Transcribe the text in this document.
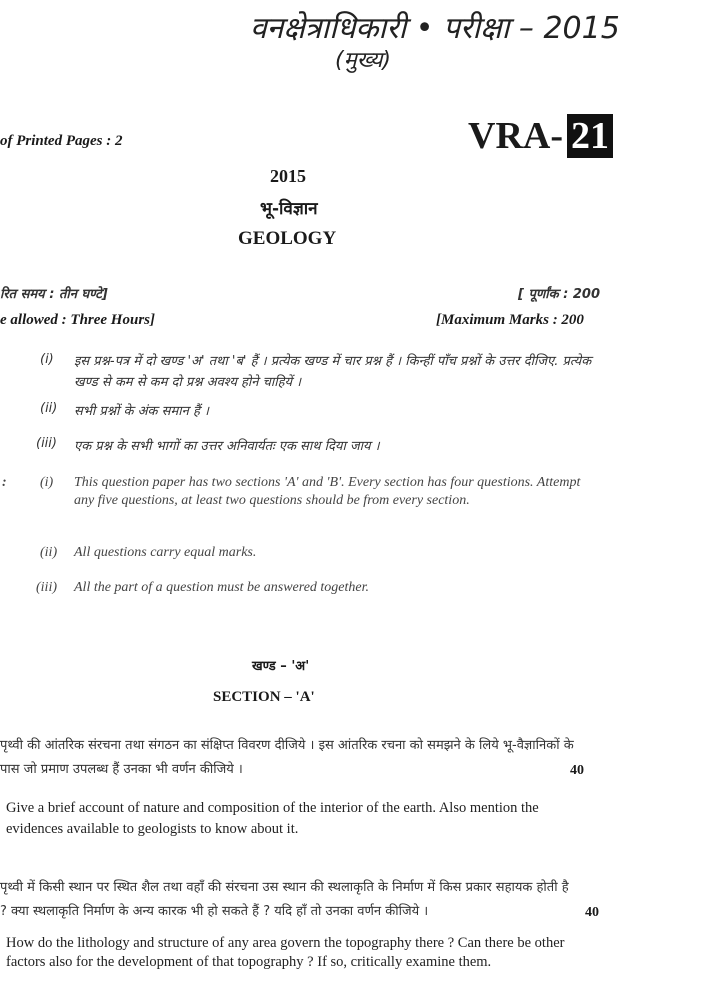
वनक्षेत्राधिकारी • परीक्षा – 2015
(मुख्य)
of Printed Pages : 2	VRA- 21
2015
भू-विज्ञान
GEOLOGY
रित समय : तीन घण्टे]	[ पूर्णांक : 200
e allowed : Three Hours]	[Maximum Marks : 200
(i) इस प्रश्न-पत्र में दो खण्ड 'अ' तथा 'ब' हैं । प्रत्येक खण्ड में चार प्रश्न हैं । किन्हीं पाँच प्रश्नों के उत्तर दीजिए. प्रत्येक खण्ड से कम से कम दो प्रश्न अवश्य होने चाहियें ।
(ii) सभी प्रश्नों के अंक समान हैं ।
(iii) एक प्रश्न के सभी भागों का उत्तर अनिवार्यतः एक साथ दिया जाय ।
: (i) This question paper has two sections 'A' and 'B'. Every section has four questions. Attempt any five questions, at least two questions should be from every section.
(ii) All questions carry equal marks.
(iii) All the part of a question must be answered together.
खण्ड – 'अ'
SECTION – 'A'
पृथ्वी की आंतरिक संरचना तथा संगठन का संक्षिप्त विवरण दीजिये । इस आंतरिक रचना को समझने के लिये भू-वैज्ञानिकों के पास जो प्रमाण उपलब्ध हैं उनका भी वर्णन कीजिये ।	40
Give a brief account of nature and composition of the interior of the earth. Also mention the evidences available to geologists to know about it.
पृथ्वी में किसी स्थान पर स्थित शैल तथा वहाँ की संरचना उस स्थान की स्थलाकृति के निर्माण में किस प्रकार सहायक होती है ? क्या स्थलाकृति निर्माण के अन्य कारक भी हो सकते हैं ? यदि हाँ तो उनका वर्णन कीजिये ।	40
How do the lithology and structure of any area govern the topography there ? Can there be other factors also for the development of that topography ? If so, critically examine them.
